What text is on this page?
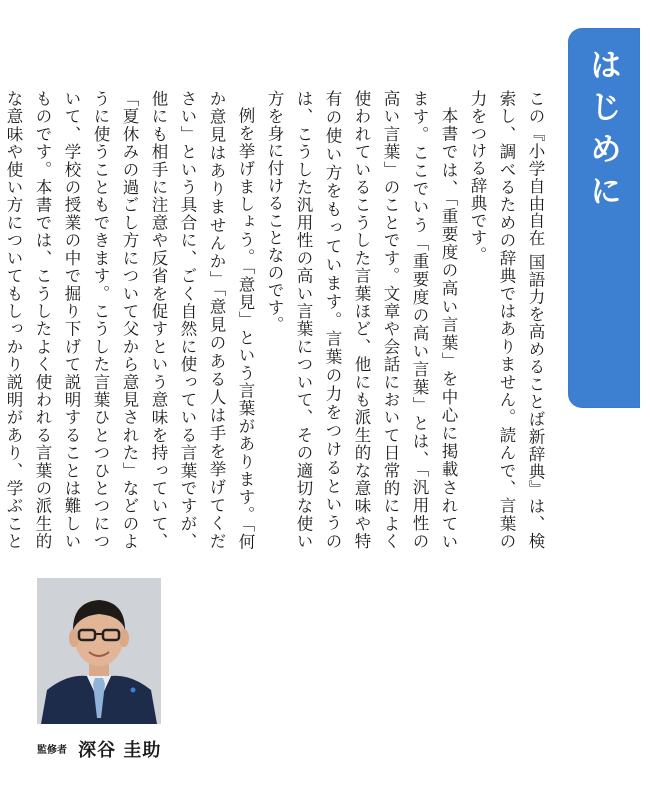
はじめに

この『小学自由自在 国語力を高めることば新辞典』は、検索し、調べるための辞典ではありません。読んで、言葉の力をつける辞典です。

本書では、「重要度の高い言葉」を中心に掲載されています。ここでいう「重要度の高い言葉」とは、「汎用性の高い言葉」のことです。文章や会話において日常的によく使われているこうした言葉ほど、他にも派生的な意味や特有の使い方をもっています。言葉の力をつけるというのは、こうした汎用性の高い言葉について、その適切な使い方を身に付けることなのです。

例を挙げましょう。「意見」という言葉があります。「何か意見はありませんか」「意見のある人は手を挙げてください」という具合に、ごく自然に使っている言葉ですが、他にも相手に注意や反省を促すという意味を持っていて、「夏休みの過ごし方について父から意見された」などのように使うこともできます。こうした言葉ひとつひとつについて、学校の授業の中で掘り下げて説明することは難しいものです。本書では、こうしたよく使われる言葉の派生的な意味や使い方についてもしっかり説明があり、学ぶこと

監修者 深谷 圭助
